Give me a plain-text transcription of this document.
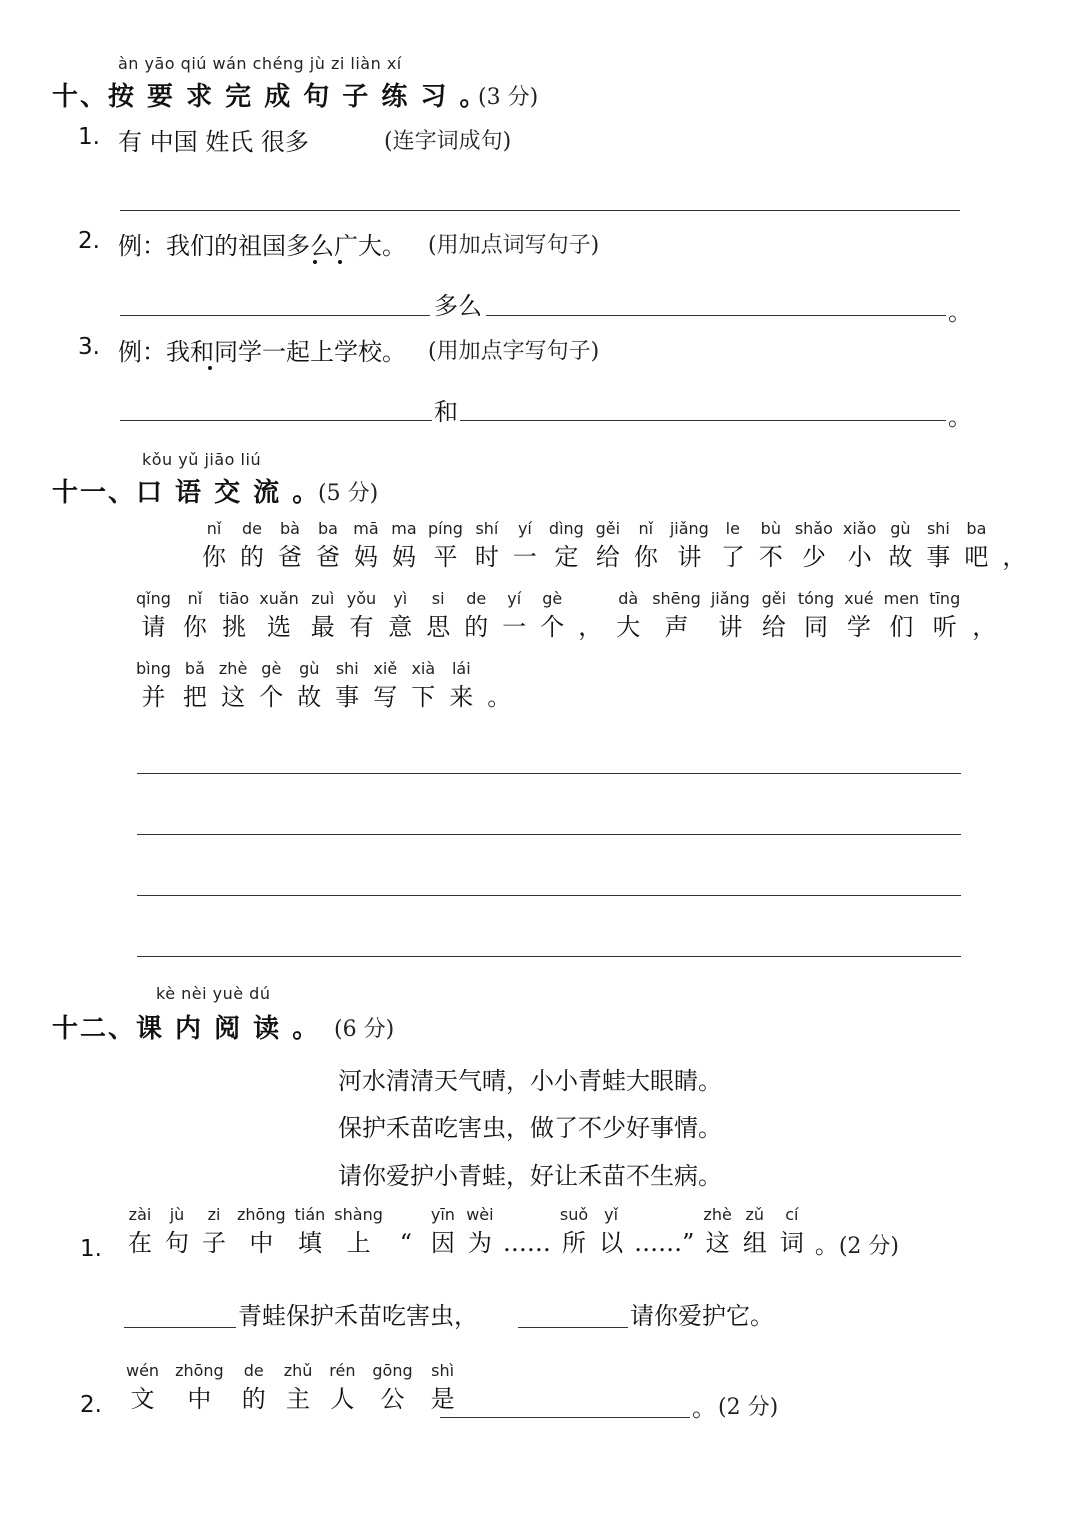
àn yāo qiú wán chéng jù zi liàn xí
十、按 要 求 完 成 句 子 练 习 。
(3 分)
1. 有 中国 姓氏 很多	(连字词成句)
2. 例：我们的祖国多么广大。 (用加点词写句子)
多么	。
3. 例：我和同学一起上学校。 (用加点字写句子)
和	。
kǒu yǔ jiāo liú
十一、口 语 交 流 。
(5 分)
nǐ
你
de
的
bà
爸
ba
爸
mā
妈
ma
妈
píng
平
shí
时
yí
一
dìng
定
gěi
给
nǐ
你
jiǎng
讲
le
了
bù
不
shǎo
少
xiǎo
小
gù
故
shi
事
ba
吧 ，
qǐng
请
nǐ
你
tiāo
挑
xuǎn
选
zuì
最
yǒu
有
yì
意
si
思
de
的
yí
一
gè
个 ，
dà
大
shēng
声
jiǎng
讲
gěi
给
tóng
同
xué
学
men
们
tīng
听 ，
bìng
并
bǎ
把
zhè
这
gè
个
gù
故
shi
事
xiě
写
xià
下
lái
来 。
kè nèi yuè dú
十二、课 内 阅 读 。 (6 分)
河水清清天气晴，小小青蛙大眼睛。
保护禾苗吃害虫，做了不少好事情。
请你爱护小青蛙，好让禾苗不生病。
1.
zài
在
jù
句
zi
子
zhōng
中
tián
填
shàng
上	“
yīn
因
wèi
为 ……
suǒ
所
yǐ
以 ……”
zhè
这
zǔ
组
cí
词 。(2 分)
青蛙保护禾苗吃害虫，	请你爱护它。
2.
wén
文
zhōng
中
de
的
zhǔ
主
rén
人
gōng
公
shì
是	。 (2 分)
